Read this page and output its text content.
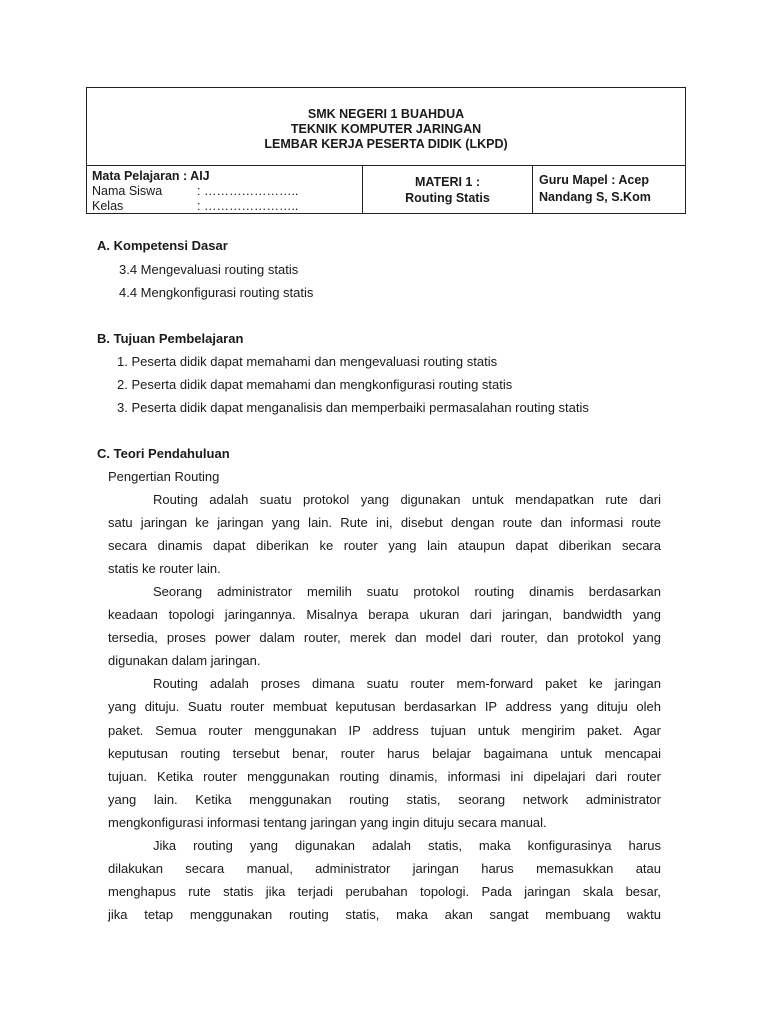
SMK NEGERI 1 BUAHDUA
TEKNIK KOMPUTER JARINGAN
LEMBAR KERJA PESERTA DIDIK (LKPD)
Mata Pelajaran : AIJ
Nama Siswa	: …………………..
Kelas	: …………………..
MATERI 1 :
Routing Statis
Guru Mapel : Acep
Nandang S, S.Kom
A. Kompetensi Dasar
3.4 Mengevaluasi routing statis
4.4 Mengkonfigurasi routing statis
B. Tujuan Pembelajaran
1. Peserta didik dapat memahami dan mengevaluasi routing statis
2. Peserta didik dapat memahami dan mengkonfigurasi routing statis
3. Peserta didik dapat menganalisis dan memperbaiki permasalahan routing statis
C. Teori Pendahuluan
Pengertian Routing
Routing adalah suatu protokol yang digunakan untuk mendapatkan rute dari
satu jaringan ke jaringan yang lain. Rute ini, disebut dengan route dan informasi route
secara dinamis dapat diberikan ke router yang lain ataupun dapat diberikan secara
statis ke router lain.
Seorang administrator memilih suatu protokol routing dinamis berdasarkan
keadaan topologi jaringannya. Misalnya berapa ukuran dari jaringan, bandwidth yang
tersedia, proses power dalam router, merek dan model dari router, dan protokol yang
digunakan dalam jaringan.
Routing adalah proses dimana suatu router mem-forward paket ke jaringan
yang dituju. Suatu router membuat keputusan berdasarkan IP address yang dituju oleh
paket. Semua router menggunakan IP address tujuan untuk mengirim paket. Agar
keputusan routing tersebut benar, router harus belajar bagaimana untuk mencapai
tujuan. Ketika router menggunakan routing dinamis, informasi ini dipelajari dari router
yang lain. Ketika menggunakan routing statis, seorang network administrator
mengkonfigurasi informasi tentang jaringan yang ingin dituju secara manual.
Jika routing yang digunakan adalah statis, maka konfigurasinya harus
dilakukan secara manual, administrator jaringan harus memasukkan atau
menghapus rute statis jika terjadi perubahan topologi. Pada jaringan skala besar,
jika tetap menggunakan routing statis, maka akan sangat membuang waktu
